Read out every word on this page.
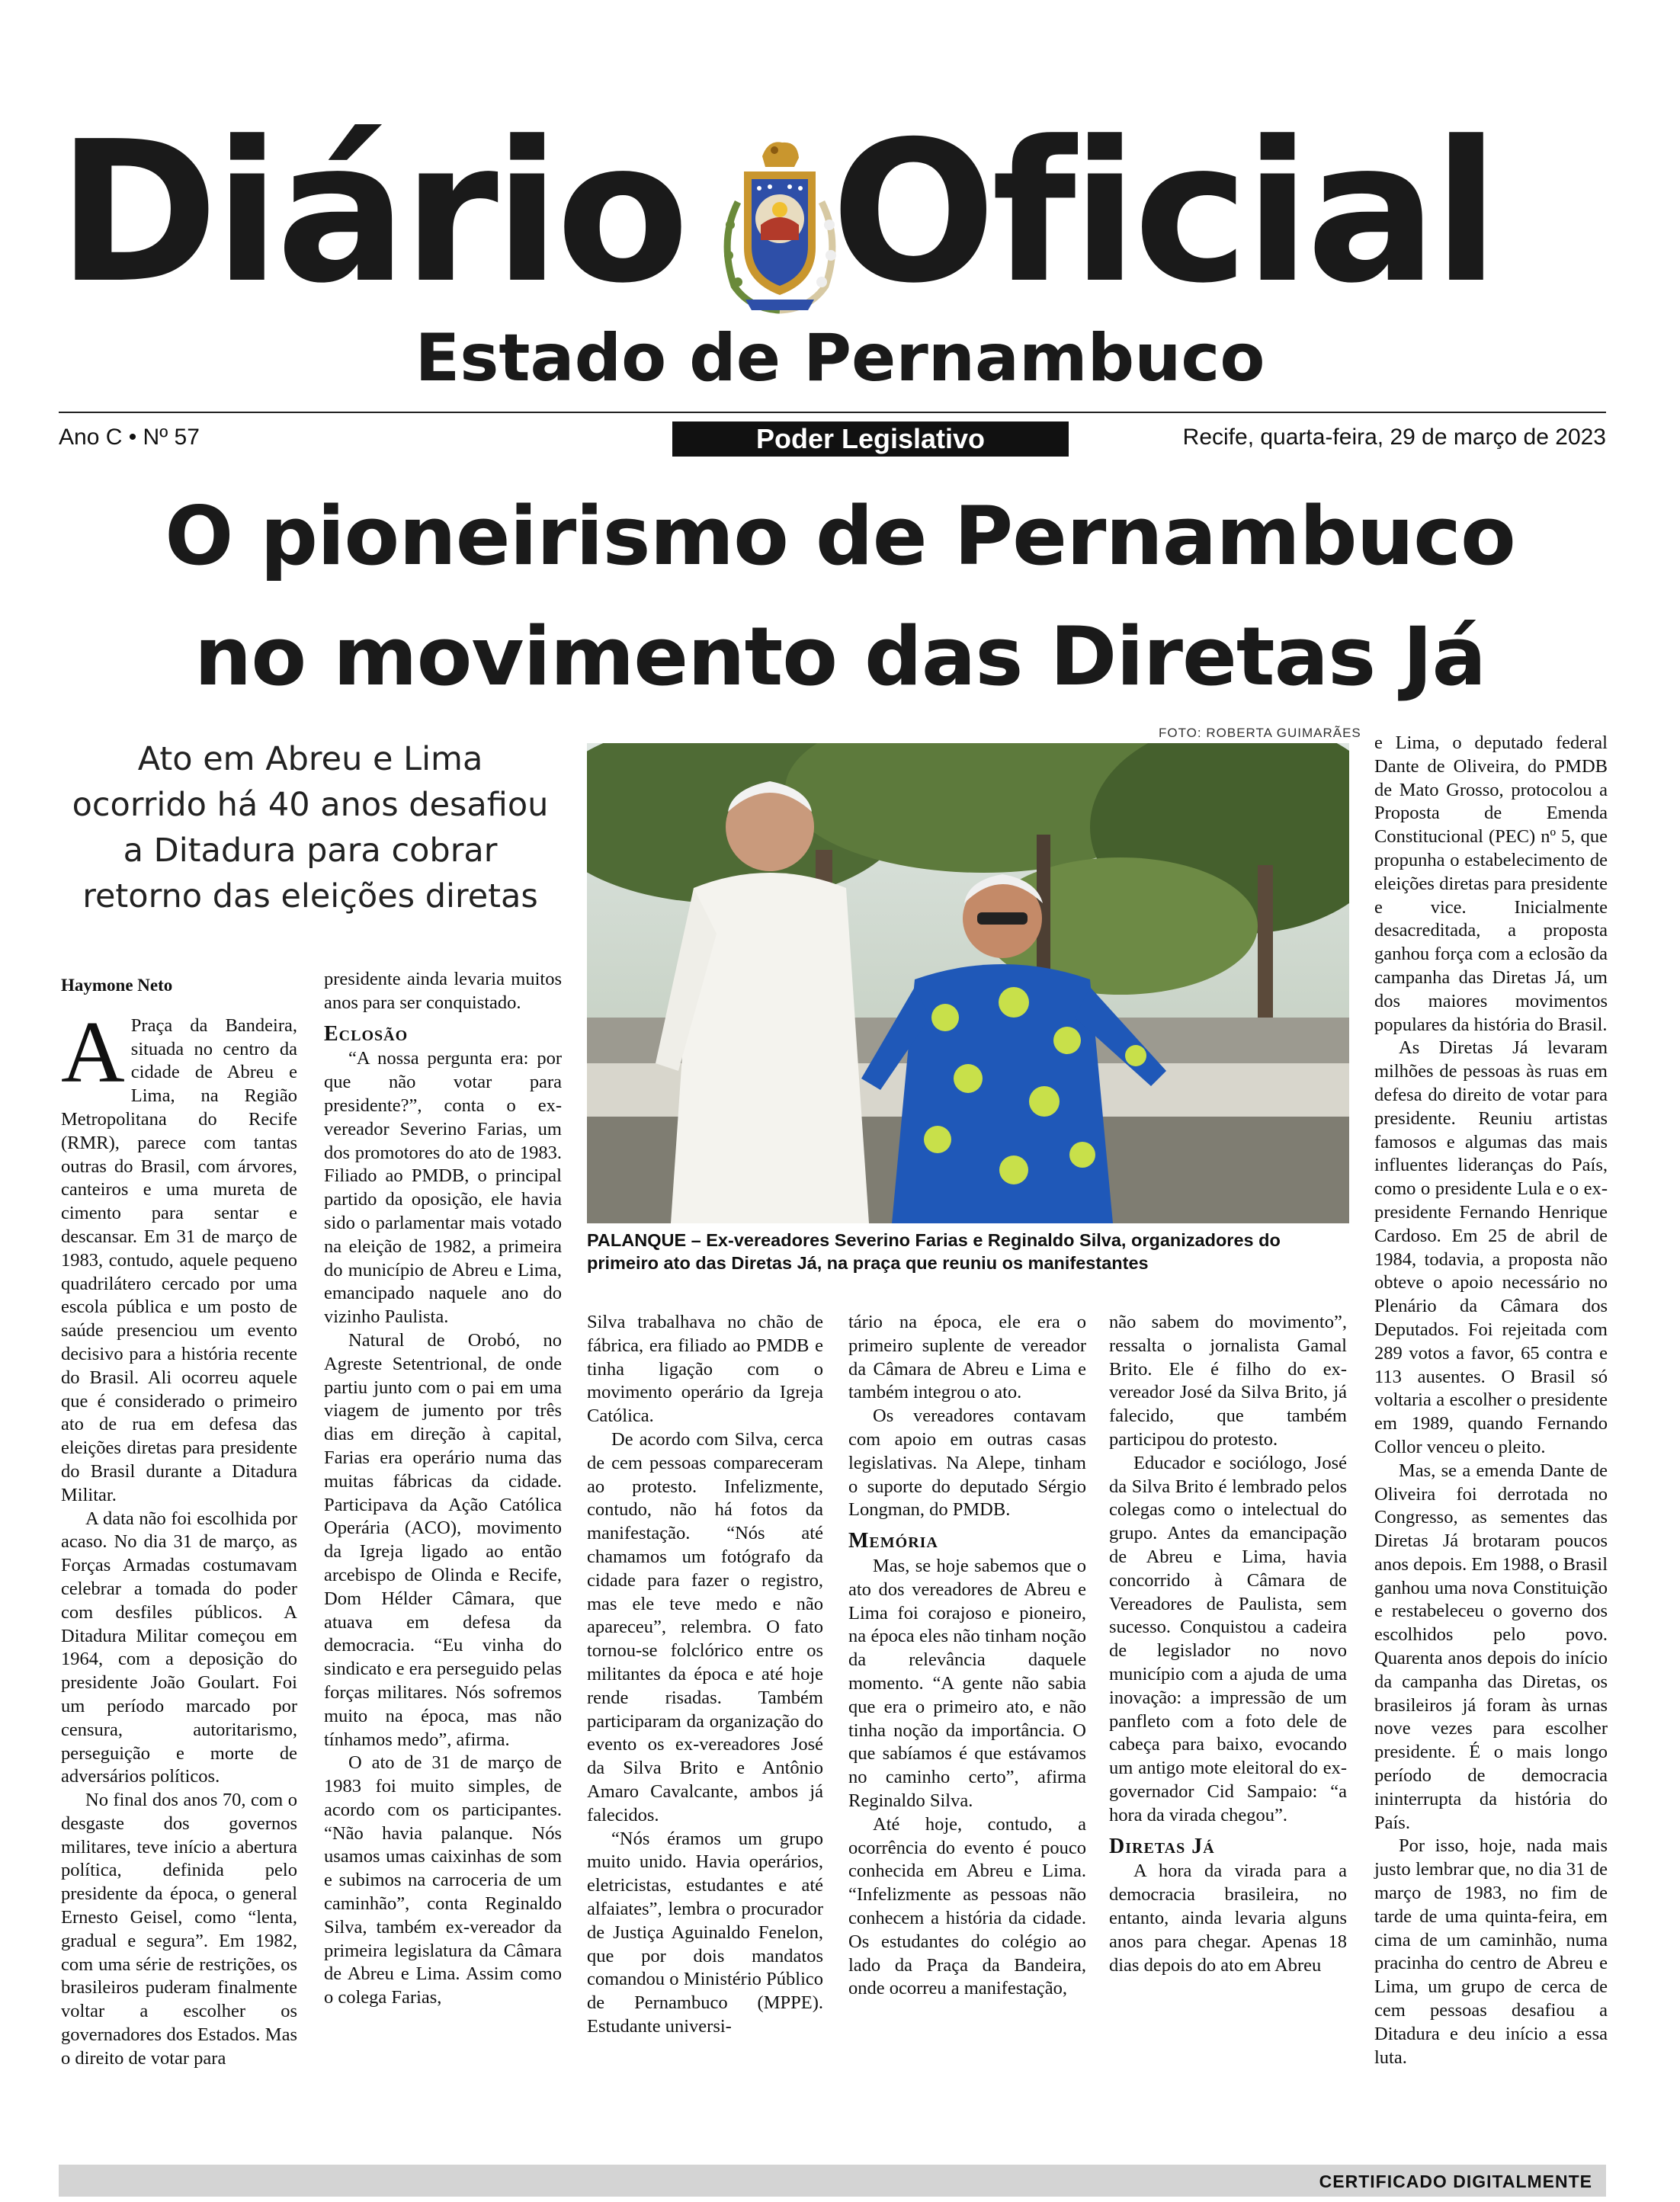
Diário Oficial
Estado de Pernambuco
Ano C • Nº 57	Poder Legislativo	Recife, quarta-feira, 29 de março de 2023
O pioneirismo de Pernambuco
no movimento das Diretas Já
Ato em Abreu e Lima
ocorrido há 40 anos desafiou
a Ditadura para cobrar
retorno das eleições diretas
Haymone Neto

A Praça da Bandeira, situada no centro da cidade de Abreu e Lima, na Região Metropolitana do Recife (RMR), parece com tantas outras do Brasil, com árvores, canteiros e uma mureta de cimento para sentar e descansar. Em 31 de março de 1983, contudo, aquele pequeno quadrilátero cercado por uma escola pública e um posto de saúde presenciou um evento decisivo para a história recente do Brasil. Ali ocorreu aquele que é considerado o primeiro ato de rua em defesa das eleições diretas para presidente do Brasil durante a Ditadura Militar.

A data não foi escolhida por acaso. No dia 31 de março, as Forças Armadas costumavam celebrar a tomada do poder com desfiles públicos. A Ditadura Militar começou em 1964, com a deposição do presidente João Goulart. Foi um período marcado por censura, autoritarismo, perseguição e morte de adversários políticos.

No final dos anos 70, com o desgaste dos governos militares, teve início a abertura política, definida pelo presidente da época, o general Ernesto Geisel, como “lenta, gradual e segura”. Em 1982, com uma série de restrições, os brasileiros puderam finalmente voltar a escolher os governadores dos Estados. Mas o direito de votar para

presidente ainda levaria muitos anos para ser conquistado.

Eclosão

“A nossa pergunta era: por que não votar para presidente?”, conta o ex-vereador Severino Farias, um dos promotores do ato de 1983. Filiado ao PMDB, o principal partido da oposição, ele havia sido o parlamentar mais votado na eleição de 1982, a primeira do município de Abreu e Lima, emancipado naquele ano do vizinho Paulista.

Natural de Orobó, no Agreste Setentrional, de onde partiu junto com o pai em uma viagem de jumento por três dias em direção à capital, Farias era operário numa das muitas fábricas da cidade. Participava da Ação Católica Operária (ACO), movimento da Igreja ligado ao então arcebispo de Olinda e Recife, Dom Hélder Câmara, que atuava em defesa da democracia. “Eu vinha do sindicato e era perseguido pelas forças militares. Nós sofremos muito na época, mas não tínhamos medo”, afirma.

O ato de 31 de março de 1983 foi muito simples, de acordo com os participantes. “Não havia palanque. Nós usamos umas caixinhas de som e subimos na carroceria de um caminhão”, conta Reginaldo Silva, também ex-vereador da primeira legislatura da Câmara de Abreu e Lima. Assim como o colega Farias,

FOTO: ROBERTA GUIMARÃES
PALANQUE – Ex-vereadores Severino Farias e Reginaldo Silva, organizadores do primeiro ato das Diretas Já, na praça que reuniu os manifestantes

Silva trabalhava no chão de fábrica, era filiado ao PMDB e tinha ligação com o movimento operário da Igreja Católica.

De acordo com Silva, cerca de cem pessoas compareceram ao protesto. Infelizmente, contudo, não há fotos da manifestação. “Nós até chamamos um fotógrafo da cidade para fazer o registro, mas ele teve medo e não apareceu”, relembra. O fato tornou-se folclórico entre os militantes da época e até hoje rende risadas. Também participaram da organização do evento os ex-vereadores José da Silva Brito e Antônio Amaro Cavalcante, ambos já falecidos.

“Nós éramos um grupo muito unido. Havia operários, eletricistas, estudantes e até alfaiates”, lembra o procurador de Justiça Aguinaldo Fenelon, que por dois mandatos comandou o Ministério Público de Pernambuco (MPPE). Estudante universi-

tário na época, ele era o primeiro suplente de vereador da Câmara de Abreu e Lima e também integrou o ato.

Os vereadores contavam com apoio em outras casas legislativas. Na Alepe, tinham o suporte do deputado Sérgio Longman, do PMDB.

Memória

Mas, se hoje sabemos que o ato dos vereadores de Abreu e Lima foi corajoso e pioneiro, na época eles não tinham noção da relevância daquele momento. “A gente não sabia que era o primeiro ato, e não tinha noção da importância. O que sabíamos é que estávamos no caminho certo”, afirma Reginaldo Silva.

Até hoje, contudo, a ocorrência do evento é pouco conhecida em Abreu e Lima. “Infelizmente as pessoas não conhecem a história da cidade. Os estudantes do colégio ao lado da Praça da Bandeira, onde ocorreu a manifestação,

não sabem do movimento”, ressalta o jornalista Gamal Brito. Ele é filho do ex-vereador José da Silva Brito, já falecido, que também participou do protesto.

Educador e sociólogo, José da Silva Brito é lembrado pelos colegas como o intelectual do grupo. Antes da emancipação de Abreu e Lima, havia concorrido à Câmara de Vereadores de Paulista, sem sucesso. Conquistou a cadeira de legislador no novo município com a ajuda de uma inovação: a impressão de um panfleto com a foto dele de cabeça para baixo, evocando um antigo mote eleitoral do ex-governador Cid Sampaio: “a hora da virada chegou”.

Diretas Já

A hora da virada para a democracia brasileira, no entanto, ainda levaria alguns anos para chegar. Apenas 18 dias depois do ato em Abreu

e Lima, o deputado federal Dante de Oliveira, do PMDB de Mato Grosso, protocolou a Proposta de Emenda Constitucional (PEC) nº 5, que propunha o estabelecimento de eleições diretas para presidente e vice. Inicialmente desacreditada, a proposta ganhou força com a eclosão da campanha das Diretas Já, um dos maiores movimentos populares da história do Brasil.

As Diretas Já levaram milhões de pessoas às ruas em defesa do direito de votar para presidente. Reuniu artistas famosos e algumas das mais influentes lideranças do País, como o presidente Lula e o ex-presidente Fernando Henrique Cardoso. Em 25 de abril de 1984, todavia, a proposta não obteve o apoio necessário no Plenário da Câmara dos Deputados. Foi rejeitada com 289 votos a favor, 65 contra e 113 ausentes. O Brasil só voltaria a escolher o presidente em 1989, quando Fernando Collor venceu o pleito.

Mas, se a emenda Dante de Oliveira foi derrotada no Congresso, as sementes das Diretas Já brotaram poucos anos depois. Em 1988, o Brasil ganhou uma nova Constituição e restabeleceu o governo dos escolhidos pelo povo. Quarenta anos depois do início da campanha das Diretas, os brasileiros já foram às urnas nove vezes para escolher presidente. É o mais longo período de democracia ininterrupta da história do País.

Por isso, hoje, nada mais justo lembrar que, no dia 31 de março de 1983, no fim de tarde de uma quinta-feira, em cima de um caminhão, numa pracinha do centro de Abreu e Lima, um grupo de cerca de cem pessoas desafiou a Ditadura e deu início a essa luta.

CERTIFICADO DIGITALMENTE
